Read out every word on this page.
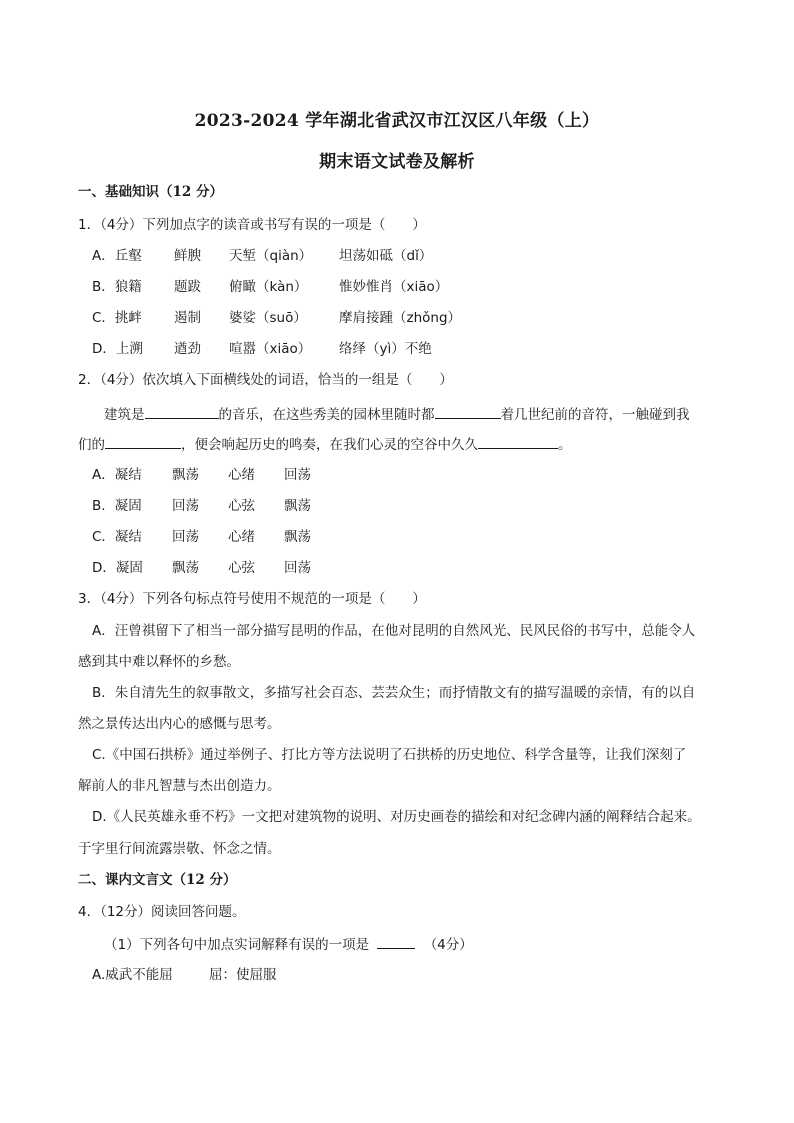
2023-2024 学年湖北省武汉市江汉区八年级（上）
期末语文试卷及解析
一、基础知识（12 分）
1．（4分）下列加点字的读音或书写有误的一项是（　　）
A．丘壑 鲜腴 天堑（qiàn） 坦荡如砥（dǐ）
B．狼籍 题跋 俯瞰（kàn） 惟妙惟肖（xiāo）
C．挑衅 遏制 婆娑（suō） 摩肩接踵（zhǒng）
D．上溯 遒劲 喧嚣（xiāo） 络绎（yì）不绝
2．（4分）依次填入下面横线处的词语，恰当的一组是（　　）
建筑是	的音乐，在这些秀美的园林里随时都	着几世纪前的音符，一触碰到我
们的	，便会响起历史的鸣奏，在我们心灵的空谷中久久	。
A．凝结 飘荡 心绪 回荡
B．凝固 回荡 心弦 飘荡
C．凝结 回荡 心绪 飘荡
D．凝固 飘荡 心弦 回荡
3．（4分）下列各句标点符号使用不规范的一项是（　　）
A．汪曾祺留下了相当一部分描写昆明的作品，在他对昆明的自然风光、民风民俗的书写中，总能令人
感到其中难以释怀的乡愁。
B．朱自清先生的叙事散文，多描写社会百态、芸芸众生；而抒情散文有的描写温暖的亲情，有的以自
然之景传达出内心的感慨与思考。
C.《中国石拱桥》通过举例子、打比方等方法说明了石拱桥的历史地位、科学含量等，让我们深刻了
解前人的非凡智慧与杰出创造力。
D.《人民英雄永垂不朽》一文把对建筑物的说明、对历史画卷的描绘和对纪念碑内涵的阐释结合起来。
于字里行间流露崇敬、怀念之情。
二、课内文言文（12 分）
4．（12分）阅读回答问题。
（1）下列各句中加点实词解释有误的一项是	（4分）
A.威武不能屈	屈：使屈服
